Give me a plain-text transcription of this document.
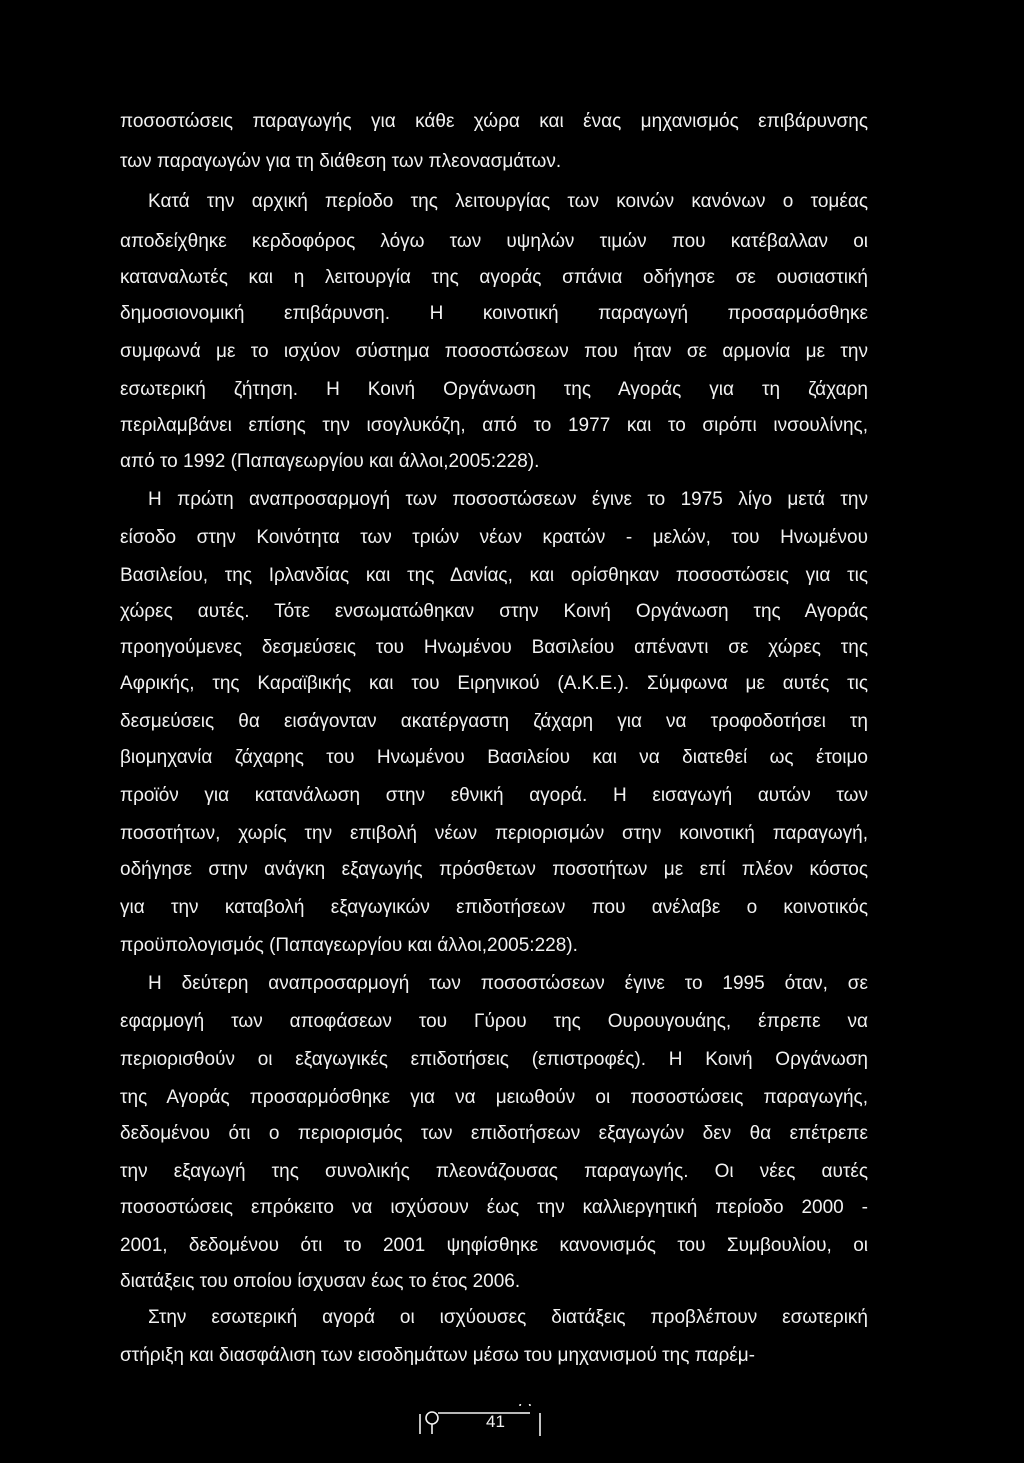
ποσοστώσεις παραγωγής για κάθε χώρα και ένας μηχανισμός επιβάρυνσης
των παραγωγών για τη διάθεση των πλεονασμάτων.
Κατά την αρχική περίοδο της λειτουργίας των κοινών κανόνων ο τομέας
αποδείχθηκε κερδοφόρος λόγω των υψηλών τιμών που κατέβαλλαν οι
καταναλωτές και η λειτουργία της αγοράς σπάνια οδήγησε σε ουσιαστική
δημοσιονομική επιβάρυνση. Η κοινοτική παραγωγή προσαρμόσθηκε
συμφωνά με το ισχύον σύστημα ποσοστώσεων που ήταν σε αρμονία με την
εσωτερική ζήτηση. Η Κοινή Οργάνωση της Αγοράς για τη ζάχαρη
περιλαμβάνει επίσης την ισογλυκόζη, από το 1977 και το σιρόπι ινσουλίνης,
από το 1992 (Παπαγεωργίου και άλλοι,2005:228).
Η πρώτη αναπροσαρμογή των ποσοστώσεων έγινε το 1975 λίγο μετά την
είσοδο στην Κοινότητα των τριών νέων κρατών - μελών, του Ηνωμένου
Βασιλείου, της Ιρλανδίας και της Δανίας, και ορίσθηκαν ποσοστώσεις για τις
χώρες αυτές. Τότε ενσωματώθηκαν στην Κοινή Οργάνωση της Αγοράς
προηγούμενες δεσμεύσεις του Ηνωμένου Βασιλείου απέναντι σε χώρες της
Αφρικής, της Καραϊβικής και του Ειρηνικού (Α.Κ.Ε.). Σύμφωνα με αυτές τις
δεσμεύσεις θα εισάγονταν ακατέργαστη ζάχαρη για να τροφοδοτήσει τη
βιομηχανία ζάχαρης του Ηνωμένου Βασιλείου και να διατεθεί ως έτοιμο
προϊόν για κατανάλωση στην εθνική αγορά. Η εισαγωγή αυτών των
ποσοτήτων, χωρίς την επιβολή νέων περιορισμών στην κοινοτική παραγωγή,
οδήγησε στην ανάγκη εξαγωγής πρόσθετων ποσοτήτων με επί πλέον κόστος
για την καταβολή εξαγωγικών επιδοτήσεων που ανέλαβε ο κοινοτικός
προϋπολογισμός (Παπαγεωργίου και άλλοι,2005:228).
Η δεύτερη αναπροσαρμογή των ποσοστώσεων έγινε το 1995 όταν, σε
εφαρμογή των αποφάσεων του Γύρου της Ουρουγουάης, έπρεπε να
περιορισθούν οι εξαγωγικές επιδοτήσεις (επιστροφές). Η Κοινή Οργάνωση
της Αγοράς προσαρμόσθηκε για να μειωθούν οι ποσοστώσεις παραγωγής,
δεδομένου ότι ο περιορισμός των επιδοτήσεων εξαγωγών δεν θα επέτρεπε
την εξαγωγή της συνολικής πλεονάζουσας παραγωγής. Οι νέες αυτές
ποσοστώσεις επρόκειτο να ισχύσουν έως την καλλιεργητική περίοδο 2000 -
2001, δεδομένου ότι το 2001 ψηφίσθηκε κανονισμός του Συμβουλίου, οι
διατάξεις του οποίου ίσχυσαν έως το έτος 2006.
Στην εσωτερική αγορά οι ισχύουσες διατάξεις προβλέπουν εσωτερική
στήριξη και διασφάλιση των εισοδημάτων μέσω του μηχανισμού της παρέμ-
41
